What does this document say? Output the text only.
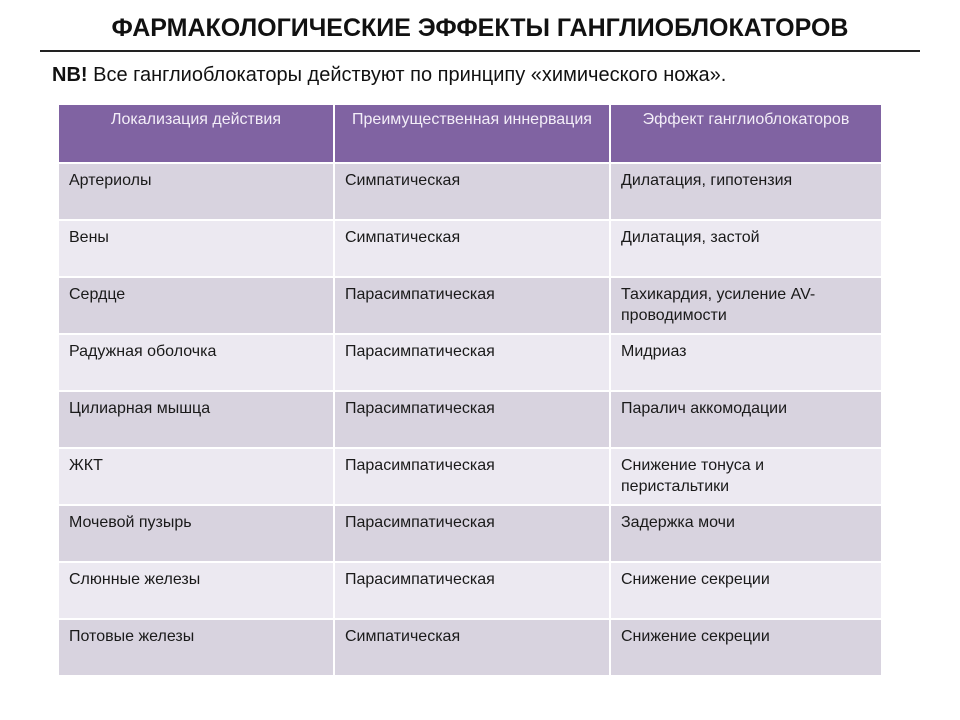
ФАРМАКОЛОГИЧЕСКИЕ ЭФФЕКТЫ ГАНГЛИОБЛОКАТОРОВ
NB! Все ганглиоблокаторы действуют по принципу «химического ножа».
Локализация действия	Преимущественная иннервация	Эффект ганглиоблокаторов
Артериолы	Симпатическая	Дилатация, гипотензия
Вены	Симпатическая	Дилатация, застой
Сердце	Парасимпатическая	Тахикардия, усиление AV-проводимости
Радужная оболочка	Парасимпатическая	Мидриаз
Цилиарная мышца	Парасимпатическая	Паралич аккомодации
ЖКТ	Парасимпатическая	Снижение тонуса и перистальтики
Мочевой пузырь	Парасимпатическая	Задержка мочи
Слюнные железы	Парасимпатическая	Снижение секреции
Потовые железы	Симпатическая	Снижение секреции
